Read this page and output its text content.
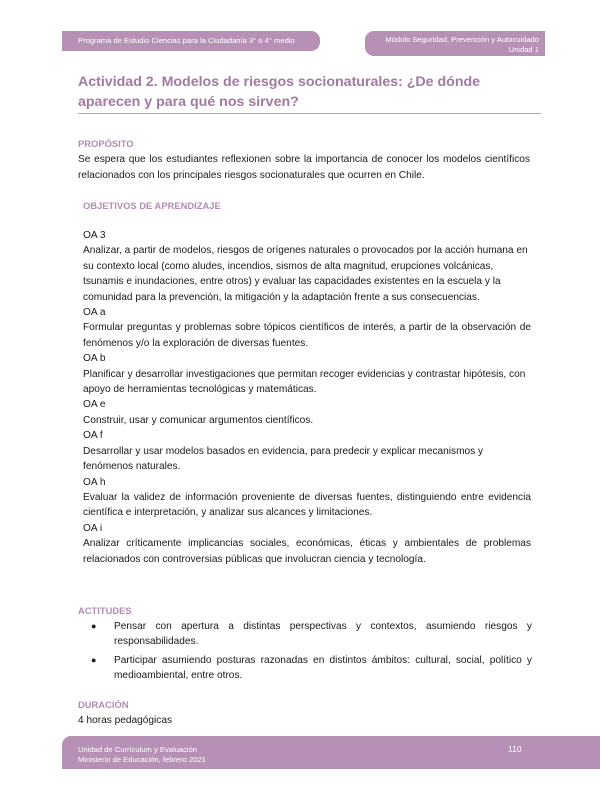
Programa de Estudio Ciencias para la Ciudadanía 3° o 4° medio	Módulo Seguridad, Prevención y Autocuidado
Unidad 1
Actividad 2. Modelos de riesgos socionaturales: ¿De dónde aparecen y para qué nos sirven?
PROPÓSITO
Se espera que los estudiantes reflexionen sobre la importancia de conocer los modelos científicos relacionados con los principales riesgos socionaturales que ocurren en Chile.
OBJETIVOS DE APRENDIZAJE
OA 3
Analizar, a partir de modelos, riesgos de orígenes naturales o provocados por la acción humana en su contexto local (como aludes, incendios, sismos de alta magnitud, erupciones volcánicas, tsunamis e inundaciones, entre otros) y evaluar las capacidades existentes en la escuela y la comunidad para la prevención, la mitigación y la adaptación frente a sus consecuencias.
OA a
Formular preguntas y problemas sobre tópicos científicos de interés, a partir de la observación de fenómenos y/o la exploración de diversas fuentes.
OA b
Planificar y desarrollar investigaciones que permitan recoger evidencias y contrastar hipótesis, con apoyo de herramientas tecnológicas y matemáticas.
OA e
Construir, usar y comunicar argumentos científicos.
OA f
Desarrollar y usar modelos basados en evidencia, para predecir y explicar mecanismos y fenómenos naturales.
OA h
Evaluar la validez de información proveniente de diversas fuentes, distinguiendo entre evidencia científica e interpretación, y analizar sus alcances y limitaciones.
OA i
Analizar críticamente implicancias sociales, económicas, éticas y ambientales de problemas relacionados con controversias públicas que involucran ciencia y tecnología.
ACTITUDES
● Pensar con apertura a distintas perspectivas y contextos, asumiendo riesgos y responsabilidades.
● Participar asumiendo posturas razonadas en distintos ámbitos: cultural, social, político y medioambiental, entre otros.
DURACIÓN
4 horas pedagógicas
Unidad de Currículum y Evaluación
Ministerio de Educación, febrero 2021
110
